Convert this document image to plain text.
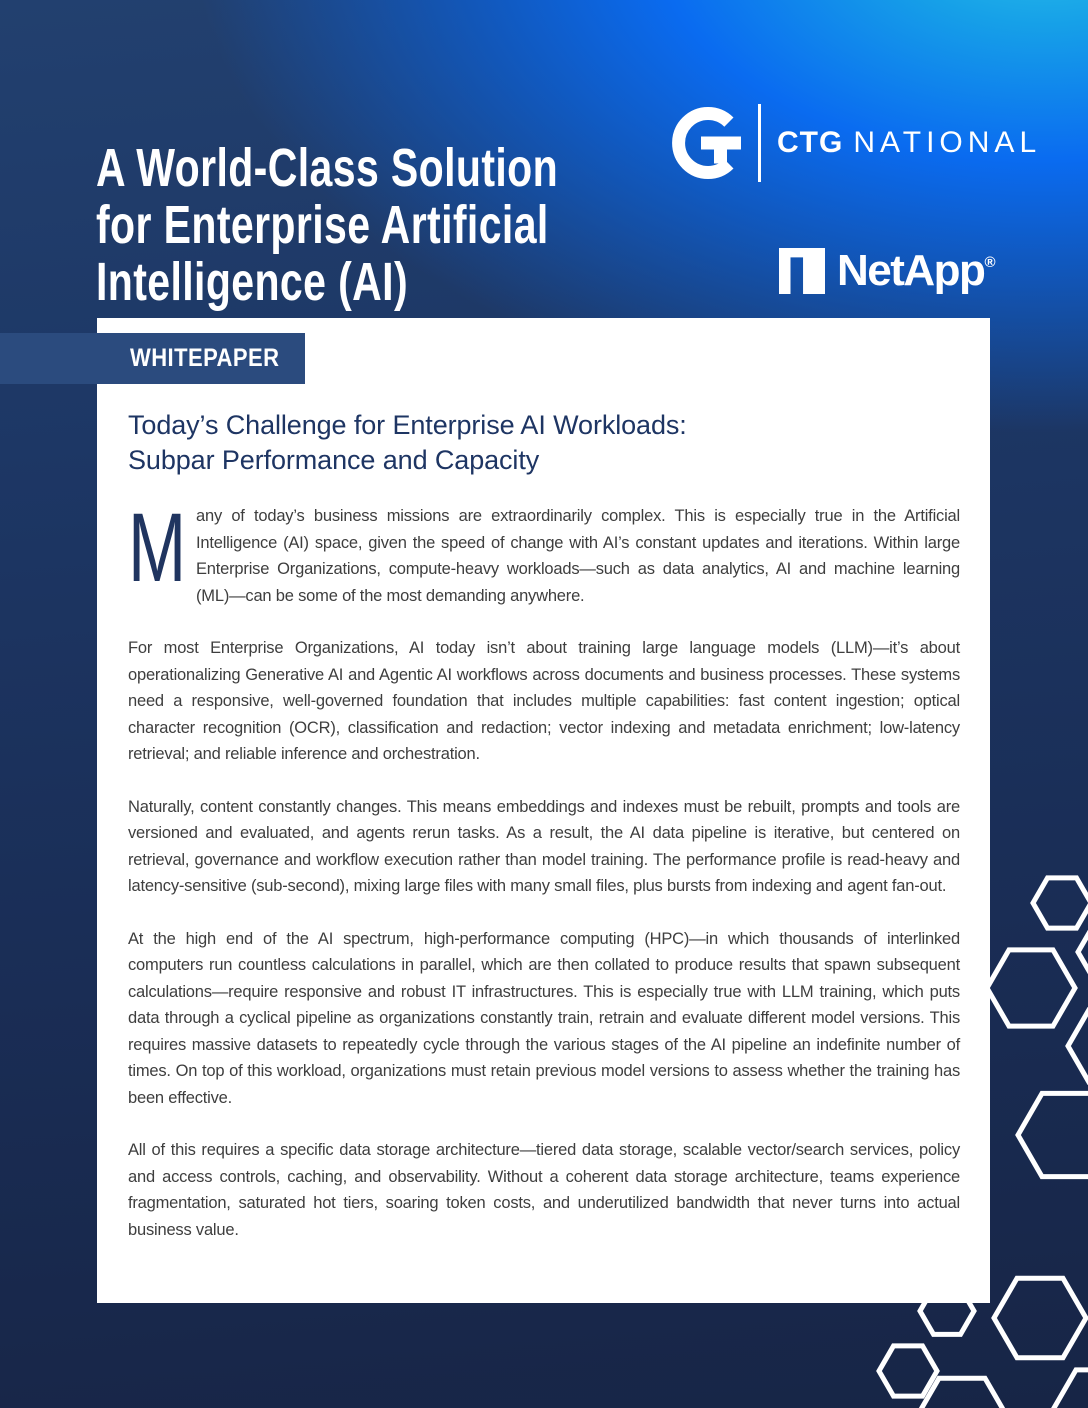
A World-Class Solution
for Enterprise Artificial
Intelligence (AI)
CTG NATIONAL
NetApp®
WHITEPAPER
Today’s Challenge for Enterprise AI Workloads:
Subpar Performance and Capacity

M any of today’s business missions are extraordinarily complex. This is especially true in the Artificial Intelligence (AI) space, given the speed of change with AI’s constant updates and iterations. Within large Enterprise Organizations, compute-heavy workloads—such as data analytics, AI and machine learning (ML)—can be some of the most demanding anywhere.

For most Enterprise Organizations, AI today isn’t about training large language models (LLM)—it’s about operationalizing Generative AI and Agentic AI workflows across documents and business processes. These systems need a responsive, well-governed foundation that includes multiple capabilities: fast content ingestion; optical character recognition (OCR), classification and redaction; vector indexing and metadata enrichment; low-latency retrieval; and reliable inference and orchestration.

Naturally, content constantly changes. This means embeddings and indexes must be rebuilt, prompts and tools are versioned and evaluated, and agents rerun tasks. As a result, the AI data pipeline is iterative, but centered on retrieval, governance and workflow execution rather than model training. The performance profile is read-heavy and latency-sensitive (sub-second), mixing large files with many small files, plus bursts from indexing and agent fan-out.

At the high end of the AI spectrum, high-performance computing (HPC)—in which thousands of interlinked computers run countless calculations in parallel, which are then collated to produce results that spawn subsequent calculations—require responsive and robust IT infrastructures. This is especially true with LLM training, which puts data through a cyclical pipeline as organizations constantly train, retrain and evaluate different model versions. This requires massive datasets to repeatedly cycle through the various stages of the AI pipeline an indefinite number of times. On top of this workload, organizations must retain previous model versions to assess whether the training has been effective.

All of this requires a specific data storage architecture—tiered data storage, scalable vector/search services, policy and access controls, caching, and observability. Without a coherent data storage architecture, teams experience fragmentation, saturated hot tiers, soaring token costs, and underutilized bandwidth that never turns into actual business value.
